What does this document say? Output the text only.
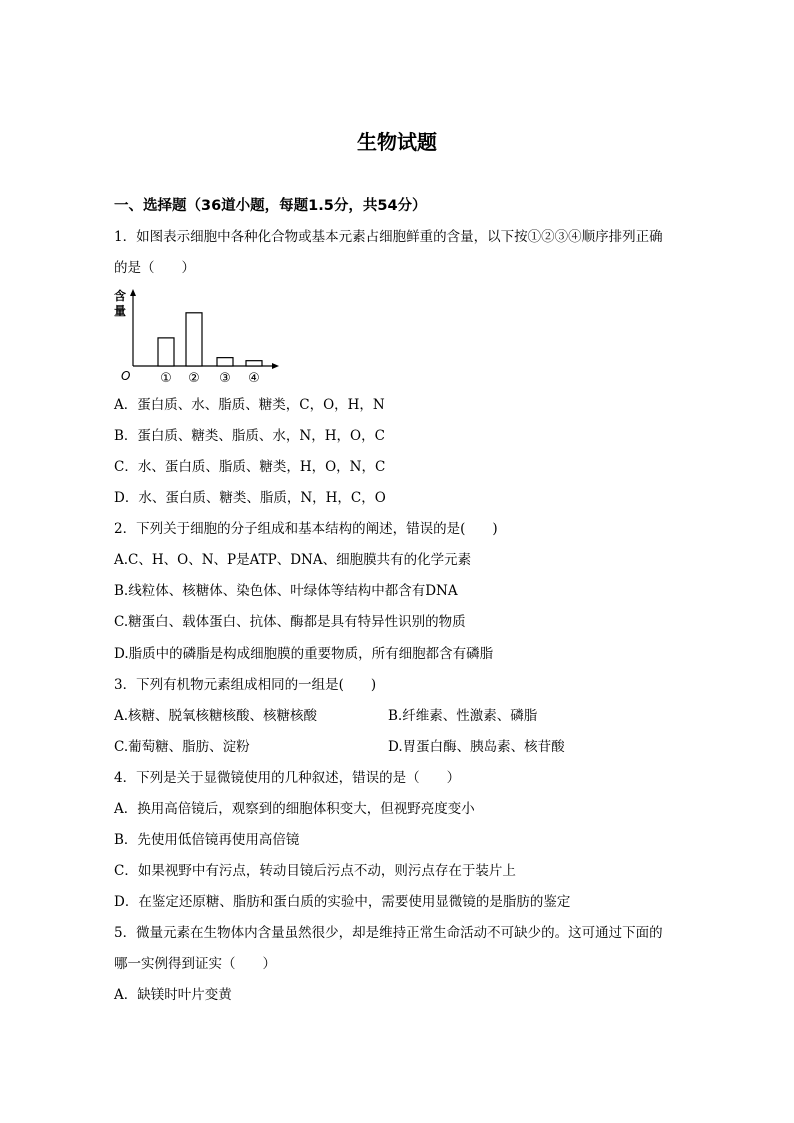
生物试题
一、选择题（36道小题，每题1.5分，共54分）
1．如图表示细胞中各种化合物或基本元素占细胞鲜重的含量，以下按①②③④顺序排列正确
的是（　　）
含
量
O ① ② ③ ④
A．蛋白质、水、脂质、糖类，C，O，H，N
B．蛋白质、糖类、脂质、水，N，H，O，C
C．水、蛋白质、脂质、糖类，H，O，N，C
D．水、蛋白质、糖类、脂质，N，H，C，O
2．下列关于细胞的分子组成和基本结构的阐述，错误的是(　　)
A.C、H、O、N、P是ATP、DNA、细胞膜共有的化学元素
B.线粒体、核糖体、染色体、叶绿体等结构中都含有DNA
C.糖蛋白、载体蛋白、抗体、酶都是具有特异性识别的物质
D.脂质中的磷脂是构成细胞膜的重要物质，所有细胞都含有磷脂
3．下列有机物元素组成相同的一组是(　　)
A.核糖、脱氧核糖核酸、核糖核酸	B.纤维素、性激素、磷脂
C.葡萄糖、脂肪、淀粉	D.胃蛋白酶、胰岛素、核苷酸
4．下列是关于显微镜使用的几种叙述，错误的是（　　）
A．换用高倍镜后，观察到的细胞体积变大，但视野亮度变小
B．先使用低倍镜再使用高倍镜
C．如果视野中有污点，转动目镜后污点不动，则污点存在于装片上
D．在鉴定还原糖、脂肪和蛋白质的实验中，需要使用显微镜的是脂肪的鉴定
5．微量元素在生物体内含量虽然很少，却是维持正常生命活动不可缺少的。这可通过下面的
哪一实例得到证实（　　）
A．缺镁时叶片变黄
